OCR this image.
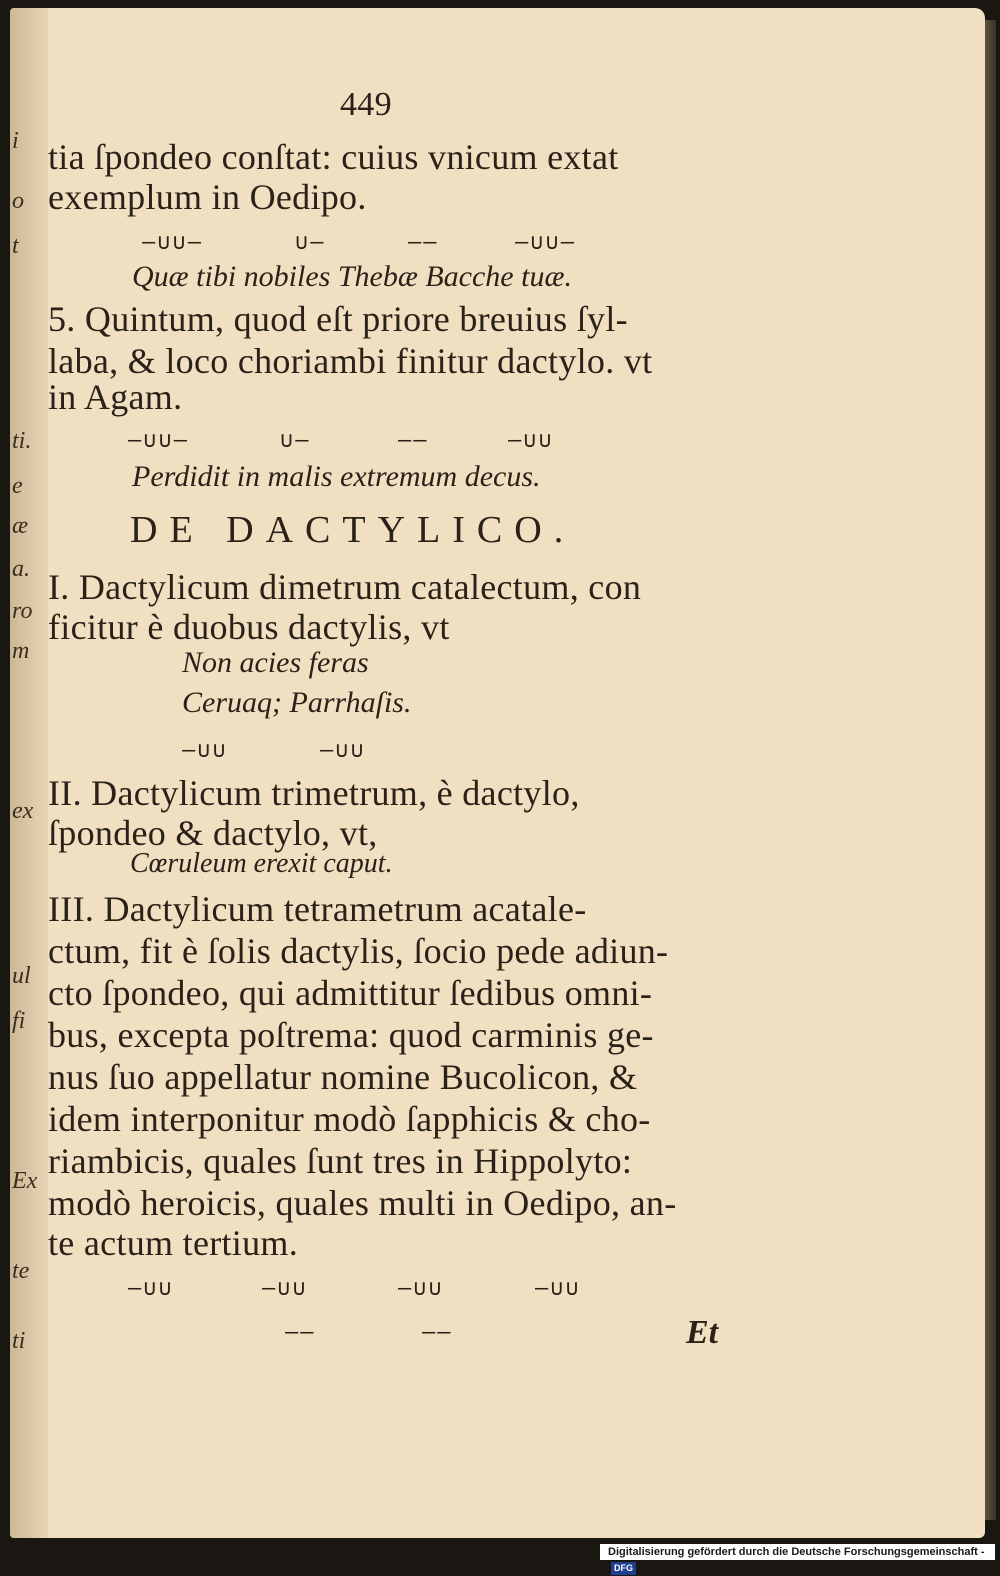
i
o
t
ti.
e
æ
a.
ro
m
ex
ul
fi
Ex
te
ti
449
tia ſpondeo conſtat: cuius vnicum extat
exemplum in Oedipo.
–∪∪–	∪–	––	–∪∪–
Quæ tibi nobiles Thebæ Bacche tuæ.
5. Quintum, quod eſt priore breuius ſyl-
laba, & loco choriambi finitur dactylo. vt
in Agam.
–∪∪–	∪–	––	–∪∪
Perdidit in malis extremum decus.
DE DACTYLICO.
I. Dactylicum dimetrum catalectum, con
ficitur è duobus dactylis, vt
Non acies feras
Ceruaq; Parrhaſis.
–∪∪	–∪∪
II. Dactylicum trimetrum, è dactylo,
ſpondeo & dactylo, vt,
Cœruleum erexit caput.
III. Dactylicum tetrametrum acatale-
ctum, fit è ſolis dactylis, ſocio pede adiun-
cto ſpondeo, qui admittitur ſedibus omni-
bus, excepta poſtrema: quod carminis ge-
nus ſuo appellatur nomine Bucolicon, &
idem interponitur modò ſapphicis & cho-
riambicis, quales ſunt tres in Hippolyto:
modò heroicis, quales multi in Oedipo, an-
te actum tertium.
–∪∪	–∪∪	–∪∪	–∪∪
––	––	Et
Digitalisierung gefördert durch die Deutsche Forschungsgemeinschaft -DFG
